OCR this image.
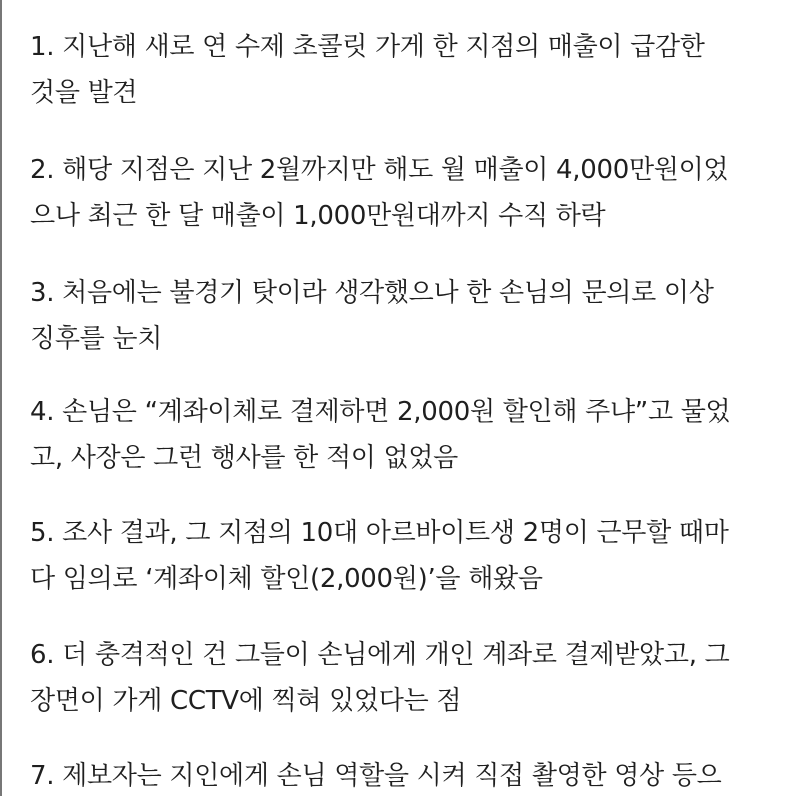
1. 지난해 새로 연 수제 초콜릿 가게 한 지점의 매출이 급감한
것을 발견

2. 해당 지점은 지난 2월까지만 해도 월 매출이 4,000만원이었
으나 최근 한 달 매출이 1,000만원대까지 수직 하락

3. 처음에는 불경기 탓이라 생각했으나 한 손님의 문의로 이상
징후를 눈치

4. 손님은 “계좌이체로 결제하면 2,000원 할인해 주냐”고 물었
고, 사장은 그런 행사를 한 적이 없었음

5. 조사 결과, 그 지점의 10대 아르바이트생 2명이 근무할 때마
다 임의로 ‘계좌이체 할인(2,000원)’을 해왔음

6. 더 충격적인 건 그들이 손님에게 개인 계좌로 결제받았고, 그
장면이 가게 CCTV에 찍혀 있었다는 점

7. 제보자는 지인에게 손님 역할을 시켜 직접 촬영한 영상 등으
